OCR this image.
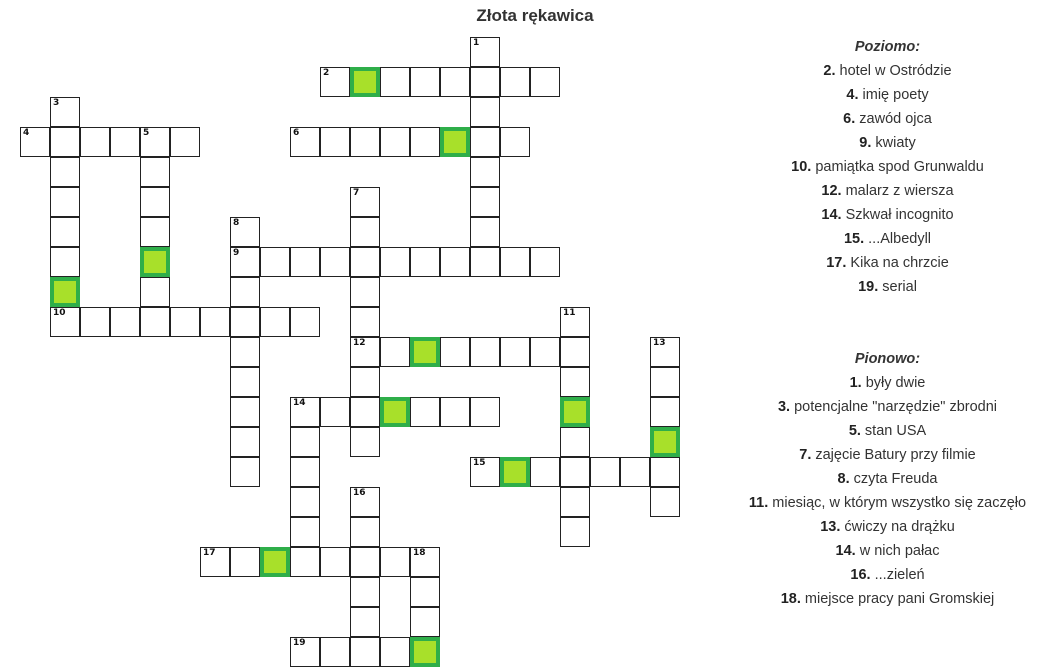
Złota rękawica
2
4	5	6
9
10
12
14
15
17
19
1
3
7
8
11
13
16
18
Poziomo:
2. hotel w Ostródzie
4. imię poety
6. zawód ojca
9. kwiaty
10. pamiątka spod Grunwaldu
12. malarz z wiersza
14. Szkwał incognito
15. ...Albedyll
17. Kika na chrzcie
19. serial
Pionowo:
1. były dwie
3. potencjalne "narzędzie" zbrodni
5. stan USA
7. zajęcie Batury przy filmie
8. czyta Freuda
11. miesiąc, w którym wszystko się zaczęło
13. ćwiczy na drążku
14. w nich pałac
16. ...zieleń
18. miejsce pracy pani Gromskiej
